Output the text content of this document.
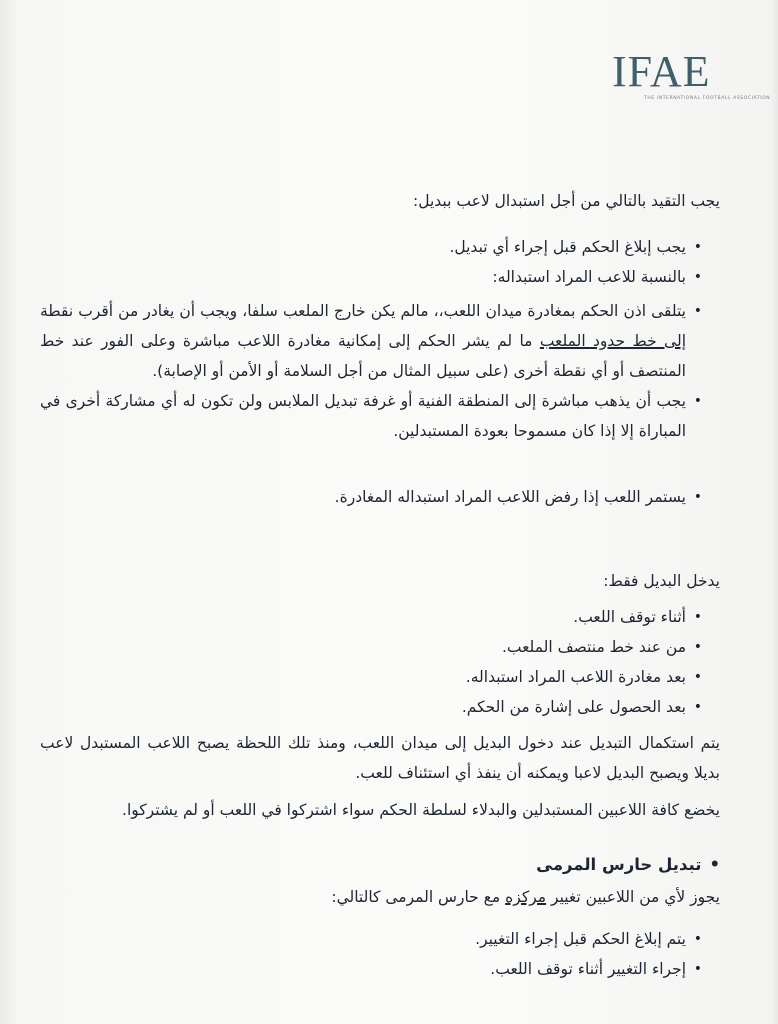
IFAE
THE INTERNATIONAL FOOTBALL ASSOCIATION

يجب التقيد بالتالي من أجل استبدال لاعب ببديل:

• يجب إبلاغ الحكم قبل إجراء أي تبديل.
• بالنسبة للاعب المراد استبداله:
• يتلقى اذن الحكم بمغادرة ميدان اللعب،، مالم يكن خارج الملعب سلفا، ويجب أن يغادر من أقرب نقطة إلى خط حدود الملعب ما لم يشر الحكم إلى إمكانية مغادرة اللاعب مباشرة وعلى الفور عند خط المنتصف أو أي نقطة أخرى (على سبيل المثال من أجل السلامة أو الأمن أو الإصابة).
• يجب أن يذهب مباشرة إلى المنطقة الفنية أو غرفة تبديل الملابس ولن تكون له أي مشاركة أخرى في المباراة إلا إذا كان مسموحا بعودة المستبدلين.
• يستمر اللعب إذا رفض اللاعب المراد استبداله المغادرة.

يدخل البديل فقط:

• أثناء توقف اللعب.
• من عند خط منتصف الملعب.
• بعد مغادرة اللاعب المراد استبداله.
• بعد الحصول على إشارة من الحكم.

يتم استكمال التبديل عند دخول البديل إلى ميدان اللعب، ومنذ تلك اللحظة يصبح اللاعب المستبدل لاعب بديلا ويصبح البديل لاعبا ويمكنه أن ينفذ أي استئناف للعب.

يخضع كافة اللاعبين المستبدلين والبدلاء لسلطة الحكم سواء اشتركوا في اللعب أو لم يشتركوا.

•تبديل حارس المرمى

يجوز لأي من اللاعبين تغيير مركزه مع حارس المرمى كالتالي:

• يتم إبلاغ الحكم قبل إجراء التغيير.
• إجراء التغيير أثناء توقف اللعب.
